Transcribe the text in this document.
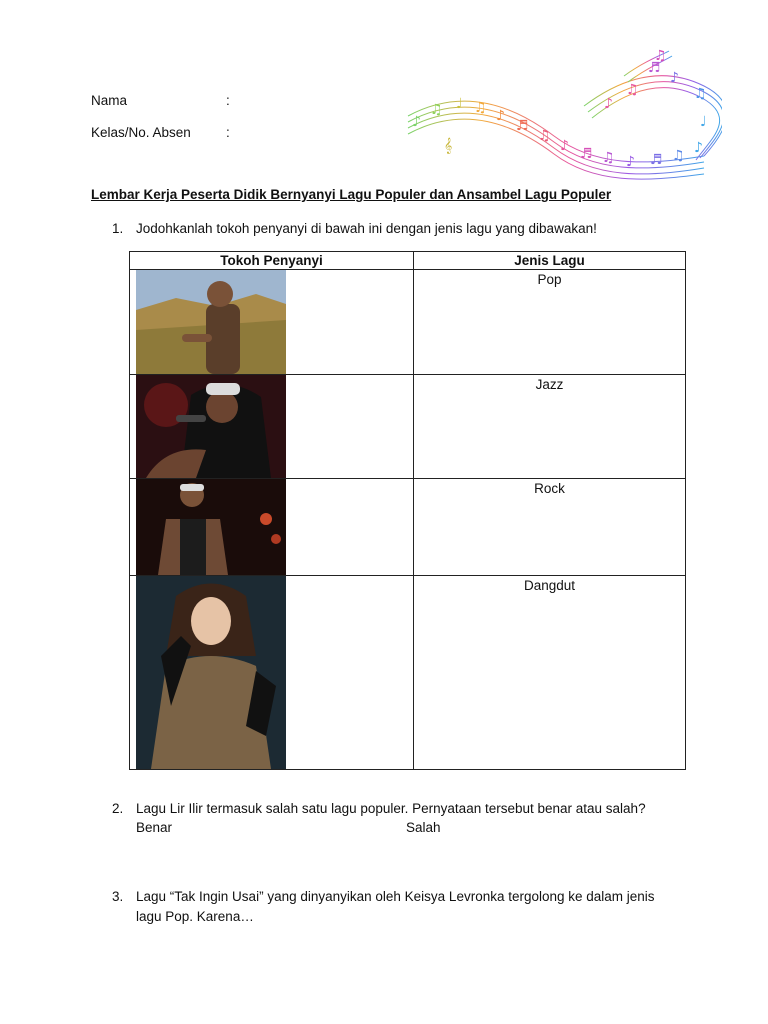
Nama	:
Kelas/No. Absen	:
♪
♫
𝄞
♩ ♫ ♪
♬
♫
♪ ♬ ♫ ♪ ♬ ♫ ♪
♩
♫
♪
♬
♫
♪
♫
Lembar Kerja Peserta Didik Bernyanyi Lagu Populer dan Ansambel Lagu Populer
1. Jodohkanlah tokoh penyanyi di bawah ini dengan jenis lagu yang dibawakan!
Tokoh Penyanyi	Jenis Lagu

	Pop

	Jazz

	Rock

	Dangdut
2. Lagu Lir Ilir termasuk salah satu lagu populer. Pernyataan tersebut benar atau salah?
Benar	Salah
3. Lagu “Tak Ingin Usai” yang dinyanyikan oleh Keisya Levronka tergolong ke dalam jenis lagu Pop. Karena…
